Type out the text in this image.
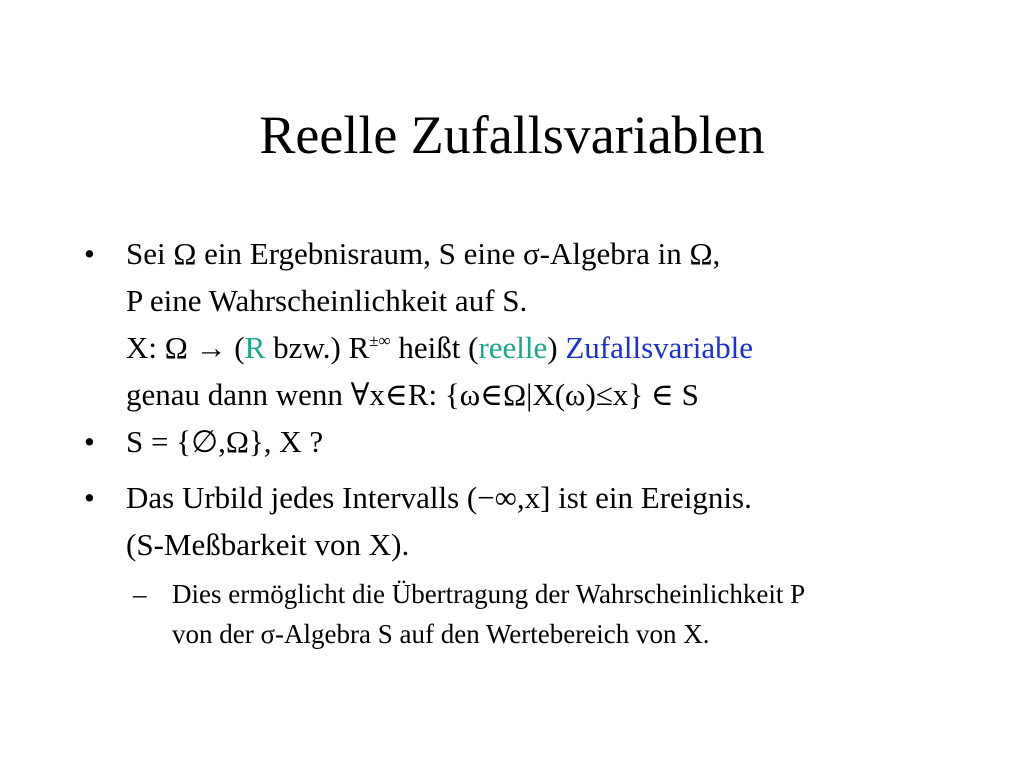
Reelle Zufallsvariablen
• Sei Ω ein Ergebnisraum, S eine σ-Algebra in Ω,
P eine Wahrscheinlichkeit auf S.
X: Ω → (R bzw.) R±∞ heißt (reelle) Zufallsvariable
genau dann wenn ∀x∈R: {ω∈Ω|X(ω)≤x} ∈ S
• S = {∅,Ω}, X ?
• Das Urbild jedes Intervalls (−∞,x] ist ein Ereignis.
(S-Meßbarkeit von X).
– Dies ermöglicht die Übertragung der Wahrscheinlichkeit P
von der σ-Algebra S auf den Wertebereich von X.
